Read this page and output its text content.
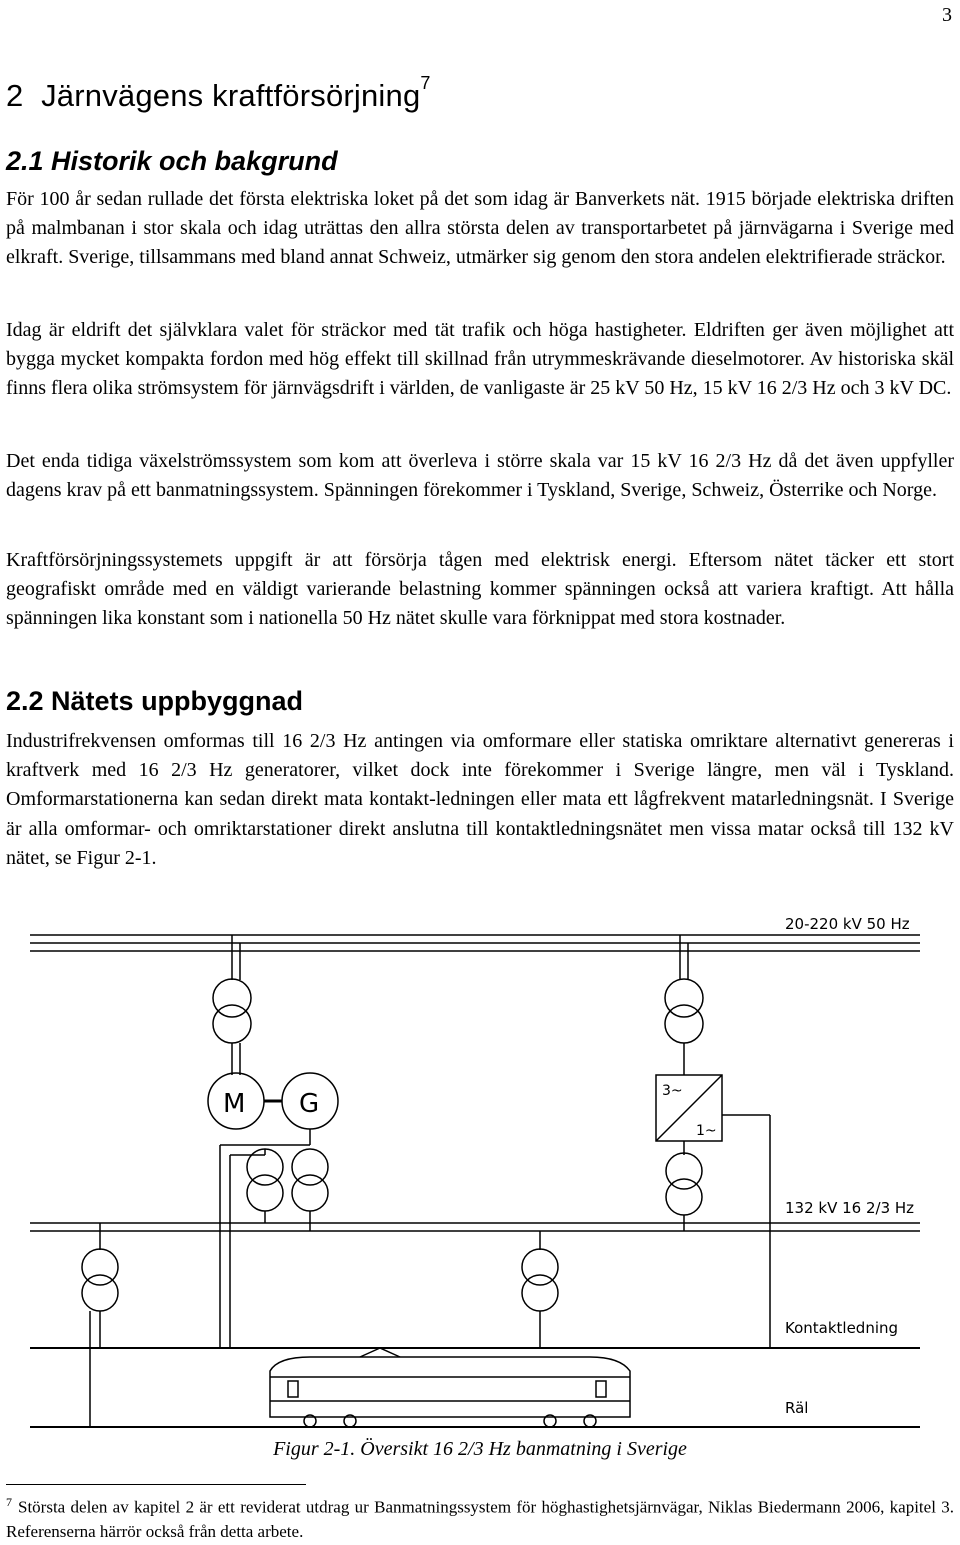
3
2 Järnvägens kraftförsörjning$^7$
2.1 Historik och bakgrund

För 100 år sedan rullade det första elektriska loket på det som idag är Banverkets nät. 1915 började elektriska driften på malmbanan i stor skala och idag uträttas den allra största delen av transportarbetet på järnvägarna i Sverige med elkraft. Sverige, tillsammans med bland annat Schweiz, utmärker sig genom den stora andelen elektrifierade sträckor.

Idag är eldrift det självklara valet för sträckor med tät trafik och höga hastigheter. Eldriften ger även möjlighet att bygga mycket kompakta fordon med hög effekt till skillnad från utrymmeskrävande dieselmotorer. Av historiska skäl finns flera olika strömsystem för järnvägsdrift i världen, de vanligaste är 25 kV 50 Hz, 15 kV 16 2/3 Hz och 3 kV DC.

Det enda tidiga växelströmssystem som kom att överleva i större skala var 15 kV 16 2/3 Hz då det även uppfyller dagens krav på ett banmatningssystem. Spänningen förekommer i Tyskland, Sverige, Schweiz, Österrike och Norge.

Kraftförsörjningssystemets uppgift är att försörja tågen med elektrisk energi. Eftersom nätet täcker ett stort geografiskt område med en väldigt varierande belastning kommer spänningen också att variera kraftigt. Att hålla spänningen lika konstant som i nationella 50 Hz nätet skulle vara förknippat med stora kostnader.

2.2 Nätets uppbyggnad

Industrifrekvensen omformas till 16 2/3 Hz antingen via omformare eller statiska omriktare alternativt genereras i kraftverk med 16 2/3 Hz generatorer, vilket dock inte förekommer i Sverige längre, men väl i Tyskland. Omformarstationerna kan sedan direkt mata kontakt-ledningen eller mata ett lågfrekvent matarledningsnät. I Sverige är alla omformar- och omriktarstationer direkt anslutna till kontaktledningsnätet men vissa matar också till 132 kV nätet, se Figur 2-1.

20-220 kV 50 Hz
132 kV 16 2/3 Hz
Kontaktledning
Räl
M G	3~
1~
Figur 2-1. Översikt 16 2/3 Hz banmatning i Sverige
$^7$ Största delen av kapitel 2 är ett reviderat utdrag ur Banmatningssystem för höghastighetsjärnvägar, Niklas Biedermann 2006, kapitel 3. Referenserna härrör också från detta arbete.
